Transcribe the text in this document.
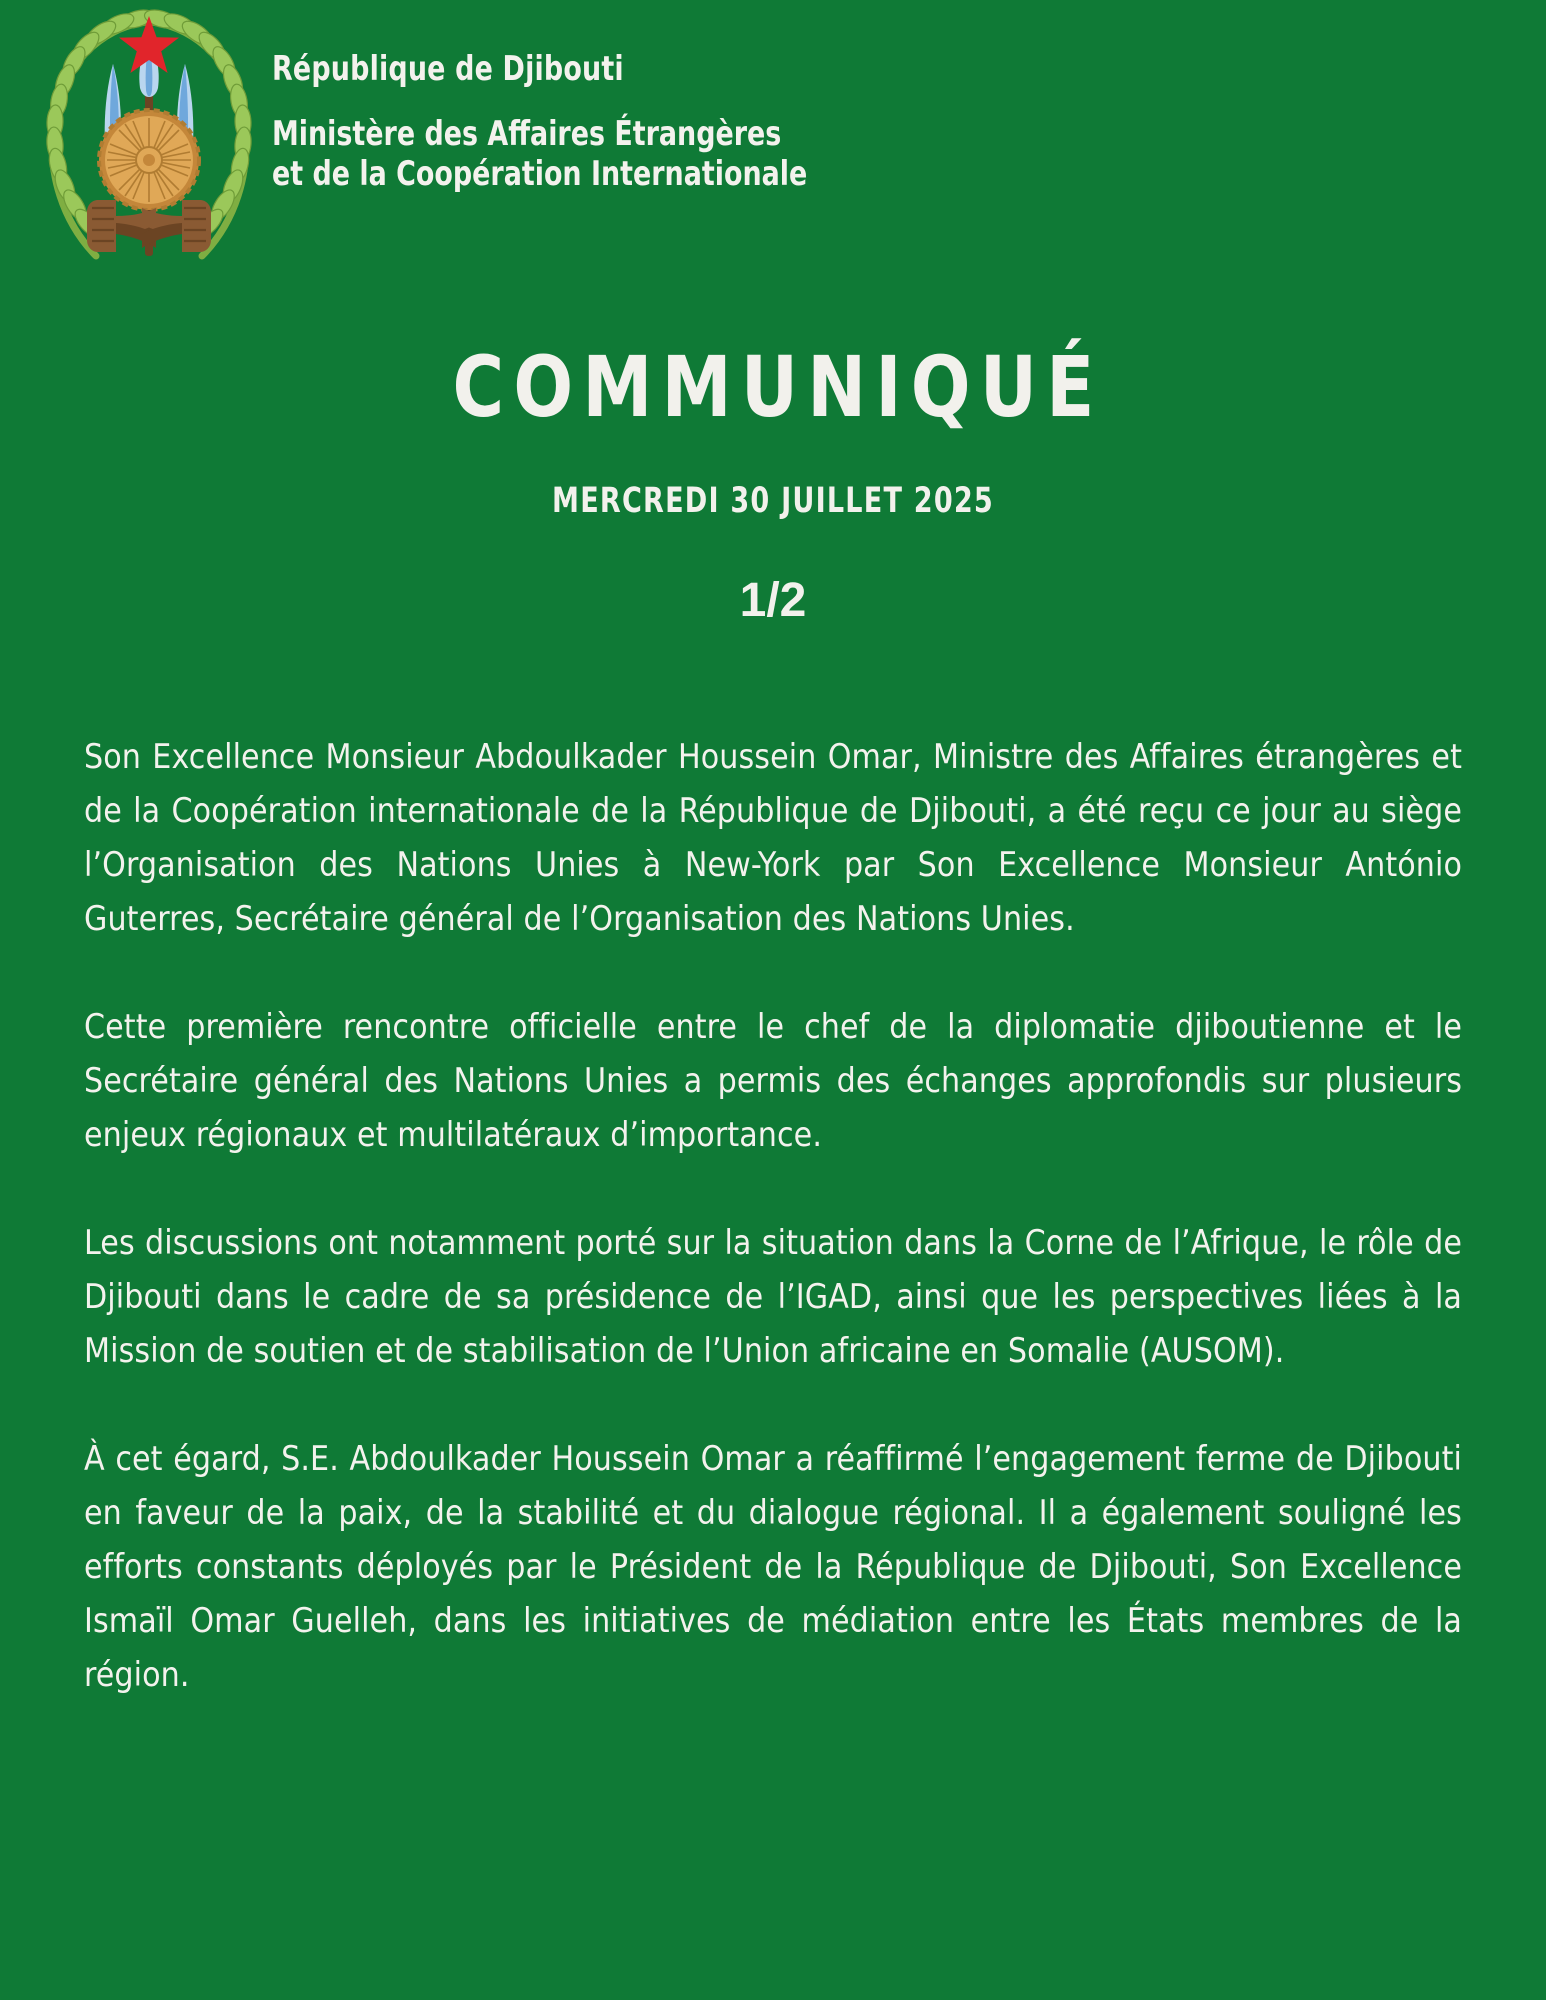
République de Djibouti
Ministère des Affaires Étrangères
et de la Coopération Internationale
COMMUNIQUÉ
MERCREDI 30 JUILLET 2025
1/2

Son Excellence Monsieur Abdoulkader Houssein Omar, Ministre des Affaires étrangères et de la Coopération internationale de la République de Djibouti, a été reçu ce jour au siège l’Organisation des Nations Unies à New-York par Son Excellence Monsieur António Guterres, Secrétaire général de l’Organisation des Nations Unies.

Cette première rencontre officielle entre le chef de la diplomatie djiboutienne et le Secrétaire général des Nations Unies a permis des échanges approfondis sur plusieurs enjeux régionaux et multilatéraux d’importance.

Les discussions ont notamment porté sur la situation dans la Corne de l’Afrique, le rôle de Djibouti dans le cadre de sa présidence de l’IGAD, ainsi que les perspectives liées à la Mission de soutien et de stabilisation de l’Union africaine en Somalie (AUSOM).

À cet égard, S.E. Abdoulkader Houssein Omar a réaffirmé l’engagement ferme de Djibouti en faveur de la paix, de la stabilité et du dialogue régional. Il a également souligné les efforts constants déployés par le Président de la République de Djibouti, Son Excellence Ismaïl Omar Guelleh, dans les initiatives de médiation entre les États membres de la région.
